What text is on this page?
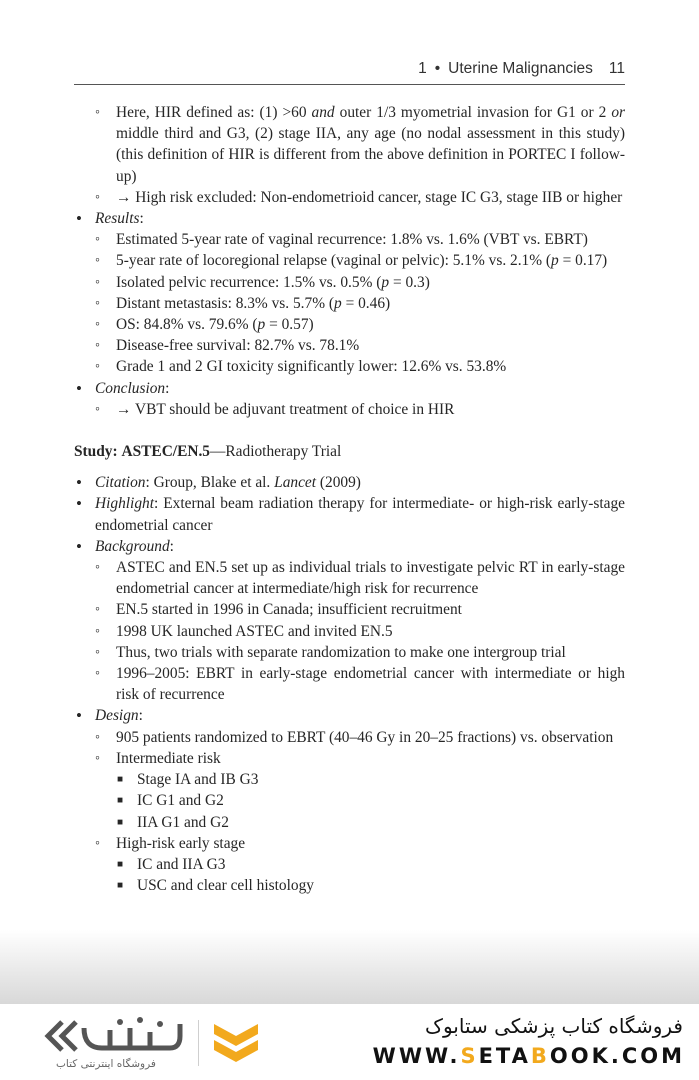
1 • Uterine Malignancies 11
◦ Here, HIR defined as: (1) >60 and outer 1/3 myometrial invasion for G1 or 2 or middle third and G3, (2) stage IIA, any age (no nodal assessment in this study) (this definition of HIR is different from the above definition in PORTEC I follow-up)
◦ → High risk excluded: Non-endometrioid cancer, stage IC G3, stage IIB or higher
• Results:
◦ Estimated 5-year rate of vaginal recurrence: 1.8% vs. 1.6% (VBT vs. EBRT)
◦ 5-year rate of locoregional relapse (vaginal or pelvic): 5.1% vs. 2.1% (p = 0.17)
◦ Isolated pelvic recurrence: 1.5% vs. 0.5% (p = 0.3)
◦ Distant metastasis: 8.3% vs. 5.7% (p = 0.46)
◦ OS: 84.8% vs. 79.6% (p = 0.57)
◦ Disease-free survival: 82.7% vs. 78.1%
◦ Grade 1 and 2 GI toxicity significantly lower: 12.6% vs. 53.8%
• Conclusion:
◦ → VBT should be adjuvant treatment of choice in HIR
Study: ASTEC/EN.5—Radiotherapy Trial
• Citation: Group, Blake et al. Lancet (2009)
• Highlight: External beam radiation therapy for intermediate- or high-risk early-stage endometrial cancer
• Background:
◦ ASTEC and EN.5 set up as individual trials to investigate pelvic RT in early-stage endometrial cancer at intermediate/high risk for recurrence
◦ EN.5 started in 1996 in Canada; insufficient recruitment
◦ 1998 UK launched ASTEC and invited EN.5
◦ Thus, two trials with separate randomization to make one intergroup trial
◦ 1996–2005: EBRT in early-stage endometrial cancer with intermediate or high risk of recurrence
• Design:
◦ 905 patients randomized to EBRT (40–46 Gy in 20–25 fractions) vs. observation
◦ Intermediate risk
■ Stage IA and IB G3
■ IC G1 and G2
■ IIA G1 and G2
◦ High-risk early stage
■ IC and IIA G3
■ USC and clear cell histology
فروشگاه اینترنتی کتاب
فروشگاه کتاب پزشکی ستابوک
WWW.SETABOOK.COM
